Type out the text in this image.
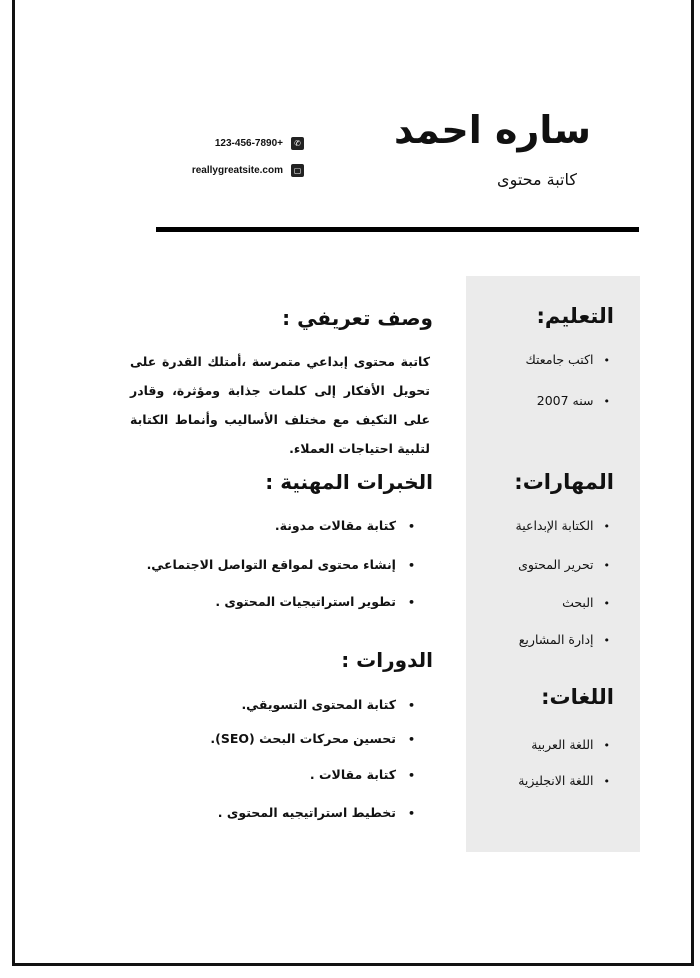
ساره احمد
كاتبة محتوى
123-456-7890+	✆
reallygreatsite.com	▢
التعليم:
• اكتب جامعتك
• سنه 2007
المهارات:
• الكتابة الإبداعية
• تحرير المحتوى
• البحث
• إدارة المشاريع
اللغات:
• اللغة العربية
• اللغة الانجليزية
وصف تعريفي :
كاتبة محتوى إبداعي متمرسة ،أمتلك القدرة على تحويل الأفكار إلى كلمات جذابة ومؤثرة، وقادر على التكيف مع مختلف الأساليب وأنماط الكتابة لتلبية احتياجات العملاء.
الخبرات المهنية :
• كتابة مقالات مدونة.
• إنشاء محتوى لمواقع التواصل الاجتماعي.
• تطوير استراتيجيات المحتوى .
الدورات :
• كتابة المحتوى التسويقي.
• تحسين محركات البحث (SEO).
• كتابة مقالات .
• تخطيط استراتيجيه المحتوى .
